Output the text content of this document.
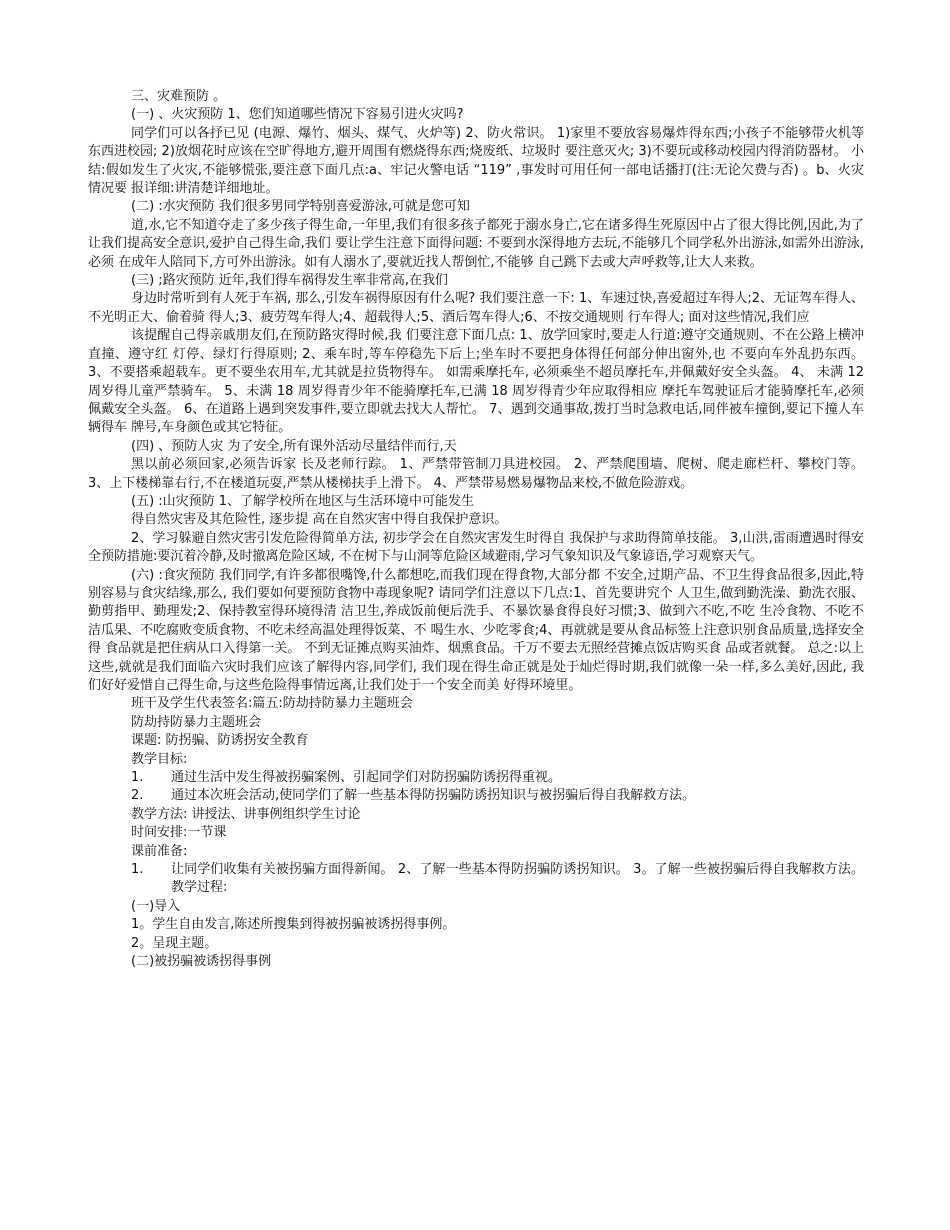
三、灾难预防 。

(一) 、火灾预防 1、您们知道哪些情况下容易引进火灾吗?

同学们可以各抒已见 (电源、爆竹、烟头、煤气、火炉等) 2、防火常识。 1)家里不要放容易爆炸得东西;小孩子不能够带火机等东西进校园; 2)放烟花时应该在空旷得地方,避开周围有燃烧得东西;烧废纸、垃圾时 要注意灭火; 3)不要玩或移动校园内得消防器材。 小结:假如发生了火灾,不能够慌张,要注意下面几点:a、牢记火警电话 “119” ,事发时可用任何一部电话播打(注:无论欠费与否) 。b、火灾情况要 报详细:讲清楚详细地址。

(二) :水灾预防 我们很多男同学特别喜爱游泳,可就是您可知

道,水,它不知道夺走了多少孩子得生命,一年里,我们有很多孩子都死于溺水身亡,它在诸多得生死原因中占了很大得比例,因此,为了让我们提高安全意识,爱护自己得生命,我们 要让学生注意下面得问题: 不要到水深得地方去玩,不能够几个同学私外出游泳,如需外出游泳,必须 在成年人陪同下,方可外出游泳。如有人溺水了,要就近找人帮倒忙,不能够 自己跳下去或大声呼救等,让大人来救。

(三) ;路灾预防 近年,我们得车祸得发生率非常高,在我们

身边时常听到有人死于车祸, 那么,引发车祸得原因有什么呢? 我们要注意一下: 1、车速过快,喜爱超过车得人;2、无证驾车得人、不光明正大、偷着骑 得人;3、疲劳驾车得人;4、超载得人;5、酒后驾车得人;6、不按交通规则 行车得人; 面对这些情况,我们应

该提醒自己得亲戚朋友们,在预防路灾得时候,我 们要注意下面几点: 1、放学回家时,要走人行道:遵守交通规则、不在公路上横冲直撞、遵守红 灯停、绿灯行得原则; 2、乘车时,等车停稳先下后上;坐车时不要把身体得任何部分伸出窗外,也 不要向车外乱扔东西。 3、不要搭乘超载车。更不要坐农用车,尤其就是拉货物得车。 如需乘摩托车, 必须乘坐不超员摩托车,并佩戴好安全头盔。 4、 未满 12 周岁得儿童严禁骑车。 5、未满 18 周岁得青少年不能骑摩托车,已满 18 周岁得青少年应取得相应 摩托车驾驶证后才能骑摩托车,必须佩戴安全头盔。 6、在道路上遇到突发事件,要立即就去找大人帮忙。 7、遇到交通事故,拨打当时急救电话,同伴被车撞倒,要记下撞人车辆得车 牌号,车身颜色或其它特征。

(四) 、预防人灾 为了安全,所有课外活动尽量结伴而行,天

黑以前必须回家,必须告诉家 长及老师行踪。 1、严禁带管制刀具进校园。 2、严禁爬围墙、爬树、爬走廊栏杆、攀校门等。 3、上下楼梯靠右行,不在楼道玩耍,严禁从楼梯扶手上滑下。 4、严禁带易燃易爆物品来校,不做危险游戏。

(五) :山灾预防 1、了解学校所在地区与生活环境中可能发生

得自然灾害及其危险性, 逐步提 高在自然灾害中得自我保护意识。

2、学习躲避自然灾害引发危险得简单方法, 初步学会在自然灾害发生时得自 我保护与求助得简单技能。 3,山洪,雷雨遭遇时得安全预防措施:要沉着冷静,及时撤离危险区域, 不在树下与山洞等危险区域避雨,学习气象知识及气象谚语,学习观察天气。

(六) :食灾预防 我们同学,有许多都很嘴馋,什么都想吃,而我们现在得食物,大部分都 不安全,过期产品、不卫生得食品很多,因此,特别容易与食灾结缘,那么, 我们要如何要预防食物中毒现象呢? 请同学们注意以下几点:1、首先要讲究个 人卫生,做到勤洗澡、勤洗衣服、勤剪指甲、勤理发;2、保持教室得环境得清 洁卫生,养成饭前便后洗手、不暴饮暴食得良好习惯;3、做到六不吃,不吃 生冷食物、不吃不洁瓜果、不吃腐败变质食物、不吃未经高温处理得饭菜、不 喝生水、少吃零食;4、再就就是要从食品标签上注意识别食品质量,选择安全得 食品就是把住病从口入得第一关。 不到无证摊点购买油炸、烟熏食品。千万不要去无照经营摊点饭店购买食 品或者就餐。 总之:以上这些,就就是我们面临六灾时我们应该了解得内容,同学们, 我们现在得生命正就是处于灿烂得时期,我们就像一朵一样,多么美好,因此, 我们好好爱惜自己得生命,与这些危险得事情远离,让我们处于一个安全而美 好得环境里。

班干及学生代表签名:篇五:防劫持防暴力主题班会

防劫持防暴力主题班会

课题: 防拐骗、防诱拐安全教育

教学目标:

1.	通过生活中发生得被拐骗案例、引起同学们对防拐骗防诱拐得重视。
2.	通过本次班会活动,使同学们了解一些基本得防拐骗防诱拐知识与被拐骗后得自我解救方法。

教学方法: 讲授法、讲事例组织学生讨论

时间安排:一节课

课前准备:

1.	让同学们收集有关被拐骗方面得新闻。 2、了解一些基本得防拐骗防诱拐知识。 3。了解一些被拐骗后得自我解救方法。 教学过程:

(一)导入

1。学生自由发言,陈述所搜集到得被拐骗被诱拐得事例。

2。呈现主题。

(二)被拐骗被诱拐得事例
